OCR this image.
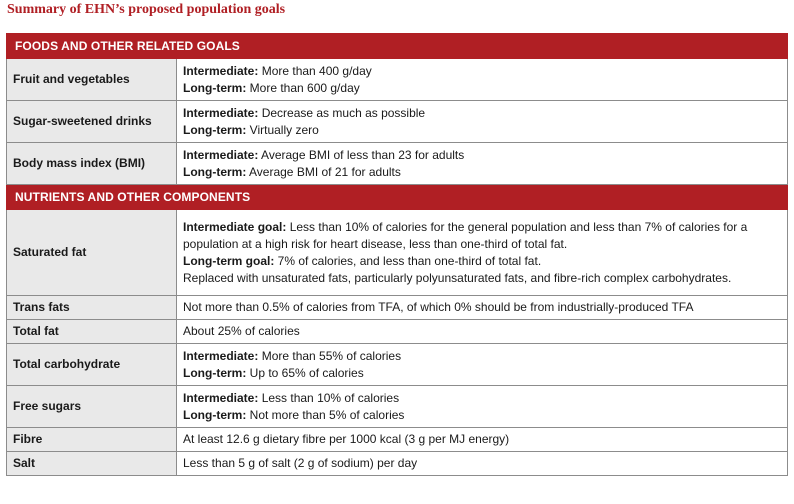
Summary of EHN’s proposed population goals
FOODS AND OTHER RELATED GOALS	
Fruit and vegetables	Intermediate: More than 400 g/day
Long-term: More than 600 g/day

Sugar-sweetened drinks	Intermediate: Decrease as much as possible
Long-term: Virtually zero

Body mass index (BMI)	Intermediate: Average BMI of less than 23 for adults
Long-term: Average BMI of 21 for adults

NUTRIENTS AND OTHER COMPONENTS	
Saturated fat	Intermediate goal: Less than 10% of calories for the general population and less than 7% of calories for a population at a high risk for heart disease, less than one-third of total fat.
Long-term goal: 7% of calories, and less than one-third of total fat.
Replaced with unsaturated fats, particularly polyunsaturated fats, and fibre-rich complex carbohydrates.

Trans fats	Not more than 0.5% of calories from TFA, of which 0% should be from industrially-produced TFA

Total fat	About 25% of calories

Total carbohydrate	Intermediate: More than 55% of calories
Long-term: Up to 65% of calories

Free sugars	Intermediate: Less than 10% of calories
Long-term: Not more than 5% of calories

Fibre	At least 12.6 g dietary fibre per 1000 kcal (3 g per MJ energy)

Salt	Less than 5 g of salt (2 g of sodium) per day
